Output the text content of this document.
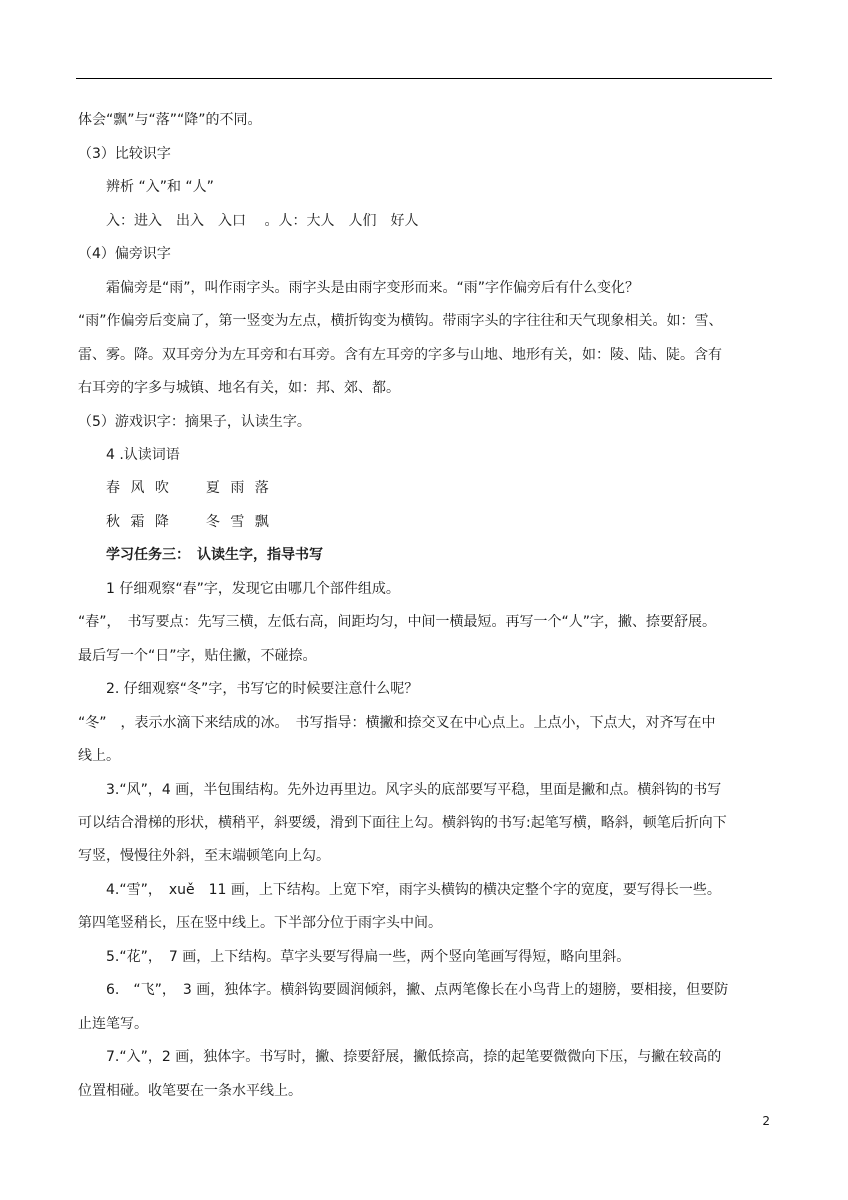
体会“飘”与“落”“降”的不同。
（3）比较识字
辨析 “入”和 “人”
入：进入　出入　入口　 。人：大人　人们　好人
（4）偏旁识字
霜偏旁是“雨”，叫作雨字头。雨字头是由雨字变形而来。“雨”字作偏旁后有什么变化？
“雨”作偏旁后变扁了，第一竖变为左点，横折钩变为横钩。带雨字头的字往往和天气现象相关。如：雪、
雷、雾。降。双耳旁分为左耳旁和右耳旁。含有左耳旁的字多与山地、地形有关，如：陵、陆、陡。含有
右耳旁的字多与城镇、地名有关，如：邦、郊、都。
（5）游戏识字：摘果子，认读生字。
4 .认读词语
春 风 吹　　夏 雨 落
秋 霜 降　　冬 雪 飘
学习任务三：　认读生字，指导书写
1 仔细观察“春”字，发现它由哪几个部件组成。
“春”，　书写要点：先写三横，左低右高，间距均匀，中间一横最短。再写一个“人”字，撇、捺要舒展。
最后写一个“日”字，贴住撇，不碰捺。
2. 仔细观察“冬”字，书写它的时候要注意什么呢？
“冬”　，表示水滴下来结成的冰。　书写指导：横撇和捺交叉在中心点上。上点小，下点大，对齐写在中
线上。
3.“风”，4 画，半包围结构。先外边再里边。风字头的底部要写平稳，里面是撇和点。横斜钩的书写
可以结合滑梯的形状，横稍平，斜要缓，滑到下面往上勾。横斜钩的书写:起笔写横，略斜，顿笔后折向下
写竖，慢慢往外斜，至末端顿笔向上勾。
4.“雪”，　xuě　11 画，上下结构。上宽下窄，雨字头横钩的横决定整个字的宽度，要写得长一些。
第四笔竖稍长，压在竖中线上。下半部分位于雨字头中间。
5.“花”，　7 画，上下结构。草字头要写得扁一些，两个竖向笔画写得短，略向里斜。
6.　“飞”，　3 画，独体字。横斜钩要圆润倾斜，撇、点两笔像长在小鸟背上的翅膀，要相接，但要防
止连笔写。
7.“入”，2 画，独体字。书写时，撇、捺要舒展，撇低捺高，捺的起笔要微微向下压，与撇在较高的
位置相碰。收笔要在一条水平线上。
2
